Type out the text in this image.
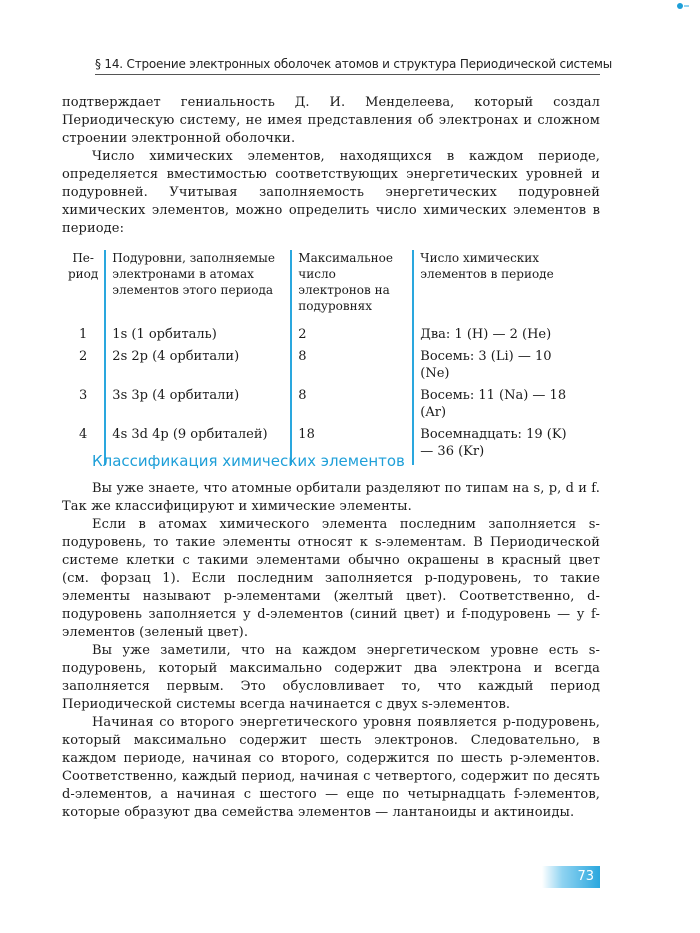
§ 14. Строение электронных оболочек атомов и структура Периодической системы

подтверждает гениальность Д. И. Менделеева, который создал Периодическую систему, не имея представления об электронах и сложном строении электронной оболочки.

Число химических элементов, находящихся в каждом периоде, определяется вместимостью соответствующих энергетических уровней и подуровней. Учитывая заполняемость энергетических подуровней химических элементов, можно определить число химических элементов в периоде:

Пе-риод	Подуровни, заполняемые электронами в атомах элементов этого периода	Максимальное число электронов на подуровнях	Число химических элементов в периоде
1	1s (1 орбиталь)	2	Два: 1 (H) — 2 (He)
2	2s 2p (4 орбитали)	8	Восемь: 3 (Li) — 10 (Ne)
3	3s 3p (4 орбитали)	8	Восемь: 11 (Na) — 18 (Ar)
4	4s 3d 4p (9 орбиталей)	18	Восемнадцать: 19 (K) — 36 (Kr)
Классификация химических элементов

Вы уже знаете, что атомные орбитали разделяют по типам на s, p, d и f. Так же классифицируют и химические элементы.

Если в атомах химического элемента последним заполняется s-подуровень, то такие элементы относят к s-элементам. В Периодической системе клетки с такими элементами обычно окрашены в красный цвет (см. форзац 1). Если последним заполняется p-подуровень, то такие элементы называют p-элементами (желтый цвет). Соответственно, d-подуровень заполняется у d-элементов (синий цвет) и f-подуровень — у f-элементов (зеленый цвет).

Вы уже заметили, что на каждом энергетическом уровне есть s-подуровень, который максимально содержит два электрона и всегда заполняется первым. Это обусловливает то, что каждый период Периодической системы всегда начинается с двух s-элементов.

Начиная со второго энергетического уровня появляется p-подуровень, который максимально содержит шесть электронов. Следовательно, в каждом периоде, начиная со второго, содержится по шесть p-элементов. Соответственно, каждый период, начиная с четвертого, содержит по десять d-элементов, а начиная с шестого — еще по четырнадцать f-элементов, которые образуют два семейства элементов — лантаноиды и актиноиды.

73
